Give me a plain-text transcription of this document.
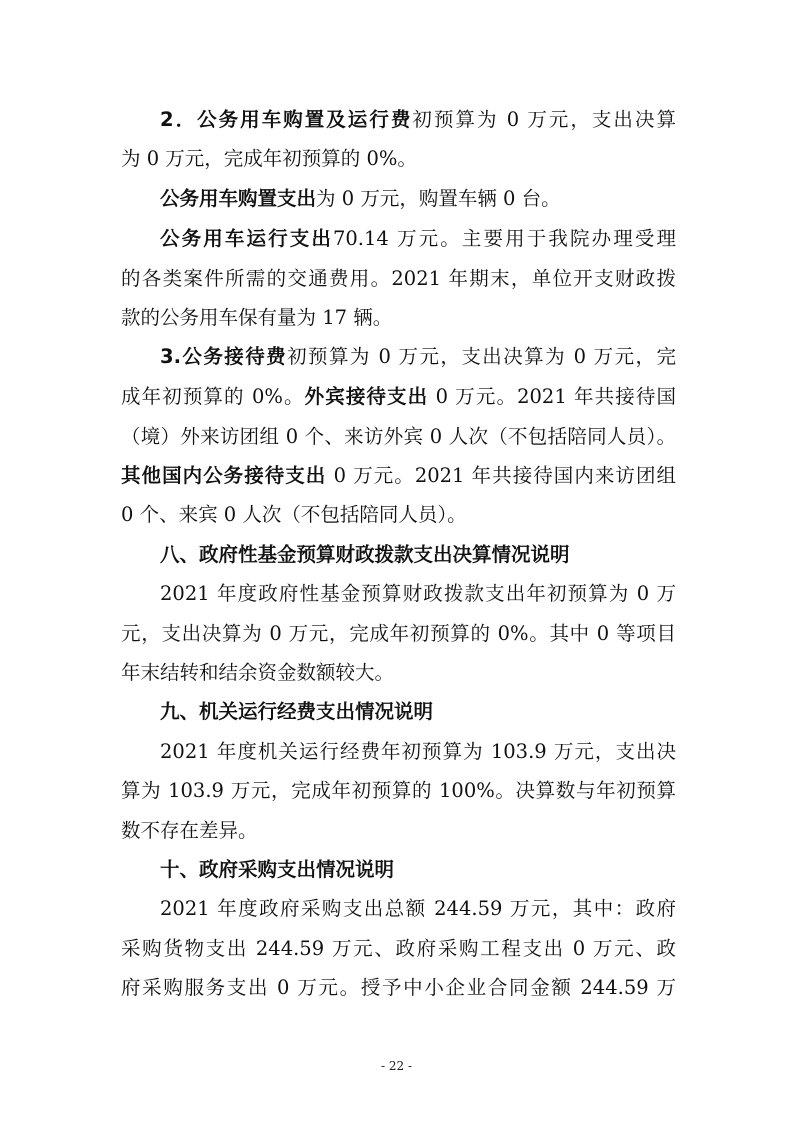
2．公务用车购置及运行费初预算为 0 万元，支出决算
为 0 万元，完成年初预算的 0%。
公务用车购置支出为 0 万元，购置车辆 0 台。
公务用车运行支出70.14 万元。主要用于我院办理受理
的各类案件所需的交通费用。2021 年期末，单位开支财政拨
款的公务用车保有量为 17 辆。
3.公务接待费初预算为 0 万元，支出决算为 0 万元，完
成年初预算的 0%。外宾接待支出 0 万元。2021 年共接待国
（境）外来访团组 0 个、来访外宾 0 人次（不包括陪同人员）。
其他国内公务接待支出 0 万元。2021 年共接待国内来访团组
0 个、来宾 0 人次（不包括陪同人员）。
八、政府性基金预算财政拨款支出决算情况说明
2021 年度政府性基金预算财政拨款支出年初预算为 0 万
元，支出决算为 0 万元，完成年初预算的 0%。其中 0 等项目
年末结转和结余资金数额较大。
九、机关运行经费支出情况说明
2021 年度机关运行经费年初预算为 103.9 万元，支出决
算为 103.9 万元，完成年初预算的 100%。决算数与年初预算
数不存在差异。
十、政府采购支出情况说明
2021 年度政府采购支出总额 244.59 万元，其中：政府
采购货物支出 244.59 万元、政府采购工程支出 0 万元、政
府采购服务支出 0 万元。授予中小企业合同金额 244.59 万
- 22 -
